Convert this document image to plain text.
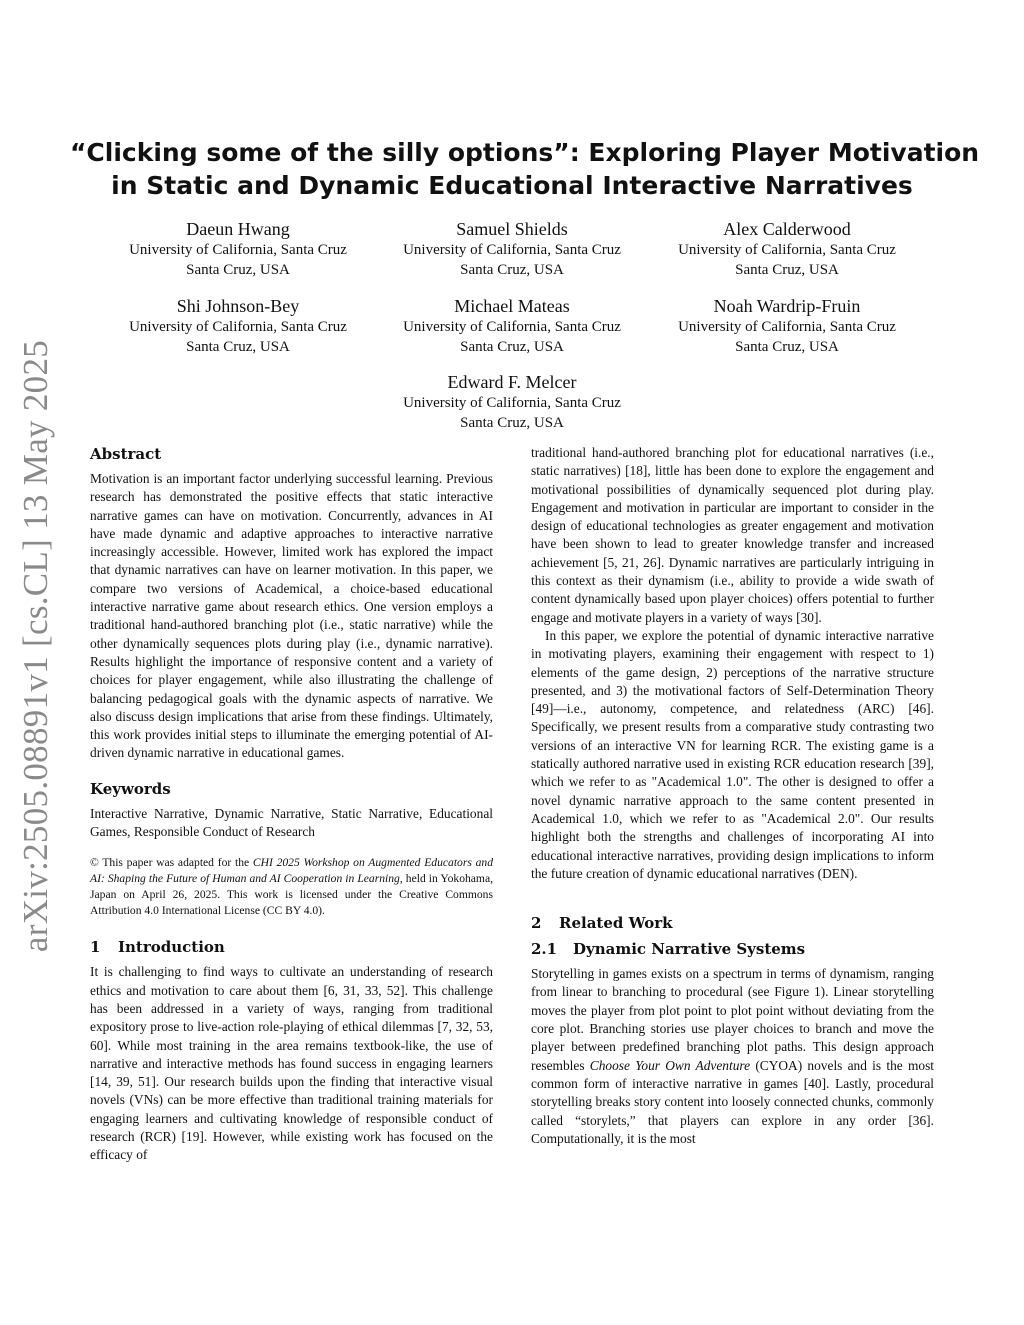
arXiv:2505.08891v1 [cs.CL] 13 May 2025
“Clicking some of the silly options”: Exploring Player Motivation
in Static and Dynamic Educational Interactive Narratives
Daeun Hwang
University of California, Santa Cruz
Santa Cruz, USA
Samuel Shields
University of California, Santa Cruz
Santa Cruz, USA
Alex Calderwood
University of California, Santa Cruz
Santa Cruz, USA
Shi Johnson-Bey
University of California, Santa Cruz
Santa Cruz, USA
Michael Mateas
University of California, Santa Cruz
Santa Cruz, USA
Noah Wardrip-Fruin
University of California, Santa Cruz
Santa Cruz, USA
Edward F. Melcer
University of California, Santa Cruz
Santa Cruz, USA
Abstract

Motivation is an important factor underlying successful learning. Previous research has demonstrated the positive effects that static interactive narrative games can have on motivation. Concurrently, advances in AI have made dynamic and adaptive approaches to interactive narrative increasingly accessible. However, limited work has explored the impact that dynamic narratives can have on learner motivation. In this paper, we compare two versions of Academical, a choice-based educational interactive narrative game about research ethics. One version employs a traditional hand-authored branching plot (i.e., static narrative) while the other dynamically sequences plots during play (i.e., dynamic narrative). Results highlight the importance of responsive content and a variety of choices for player engagement, while also illustrating the challenge of balancing pedagogical goals with the dynamic aspects of narrative. We also discuss design implications that arise from these findings. Ultimately, this work provides initial steps to illuminate the emerging potential of AI-driven dynamic narrative in educational games.

Keywords

Interactive Narrative, Dynamic Narrative, Static Narrative, Educational Games, Responsible Conduct of Research

© This paper was adapted for the CHI 2025 Workshop on Augmented Educators and AI: Shaping the Future of Human and AI Cooperation in Learning, held in Yokohama, Japan on April 26, 2025. This work is licensed under the Creative Commons Attribution 4.0 International License (CC BY 4.0).

1 Introduction

It is challenging to find ways to cultivate an understanding of research ethics and motivation to care about them [6, 31, 33, 52]. This challenge has been addressed in a variety of ways, ranging from traditional expository prose to live-action role-playing of ethical dilemmas [7, 32, 53, 60]. While most training in the area remains textbook-like, the use of narrative and interactive methods has found success in engaging learners [14, 39, 51]. Our research builds upon the finding that interactive visual novels (VNs) can be more effective than traditional training materials for engaging learners and cultivating knowledge of responsible conduct of research (RCR) [19]. However, while existing work has focused on the efficacy of

traditional hand-authored branching plot for educational narratives (i.e., static narratives) [18], little has been done to explore the engagement and motivational possibilities of dynamically sequenced plot during play. Engagement and motivation in particular are important to consider in the design of educational technologies as greater engagement and motivation have been shown to lead to greater knowledge transfer and increased achievement [5, 21, 26]. Dynamic narratives are particularly intriguing in this context as their dynamism (i.e., ability to provide a wide swath of content dynamically based upon player choices) offers potential to further engage and motivate players in a variety of ways [30].

In this paper, we explore the potential of dynamic interactive narrative in motivating players, examining their engagement with respect to 1) elements of the game design, 2) perceptions of the narrative structure presented, and 3) the motivational factors of Self-Determination Theory [49]—i.e., autonomy, competence, and relatedness (ARC) [46]. Specifically, we present results from a comparative study contrasting two versions of an interactive VN for learning RCR. The existing game is a statically authored narrative used in existing RCR education research [39], which we refer to as "Academical 1.0". The other is designed to offer a novel dynamic narrative approach to the same content presented in Academical 1.0, which we refer to as "Academical 2.0". Our results highlight both the strengths and challenges of incorporating AI into educational interactive narratives, providing design implications to inform the future creation of dynamic educational narratives (DEN).

2 Related Work
2.1 Dynamic Narrative Systems

Storytelling in games exists on a spectrum in terms of dynamism, ranging from linear to branching to procedural (see Figure 1). Linear storytelling moves the player from plot point to plot point without deviating from the core plot. Branching stories use player choices to branch and move the player between predefined branching plot paths. This design approach resembles Choose Your Own Adventure (CYOA) novels and is the most common form of interactive narrative in games [40]. Lastly, procedural storytelling breaks story content into loosely connected chunks, commonly called “storylets,” that players can explore in any order [36]. Computationally, it is the most
